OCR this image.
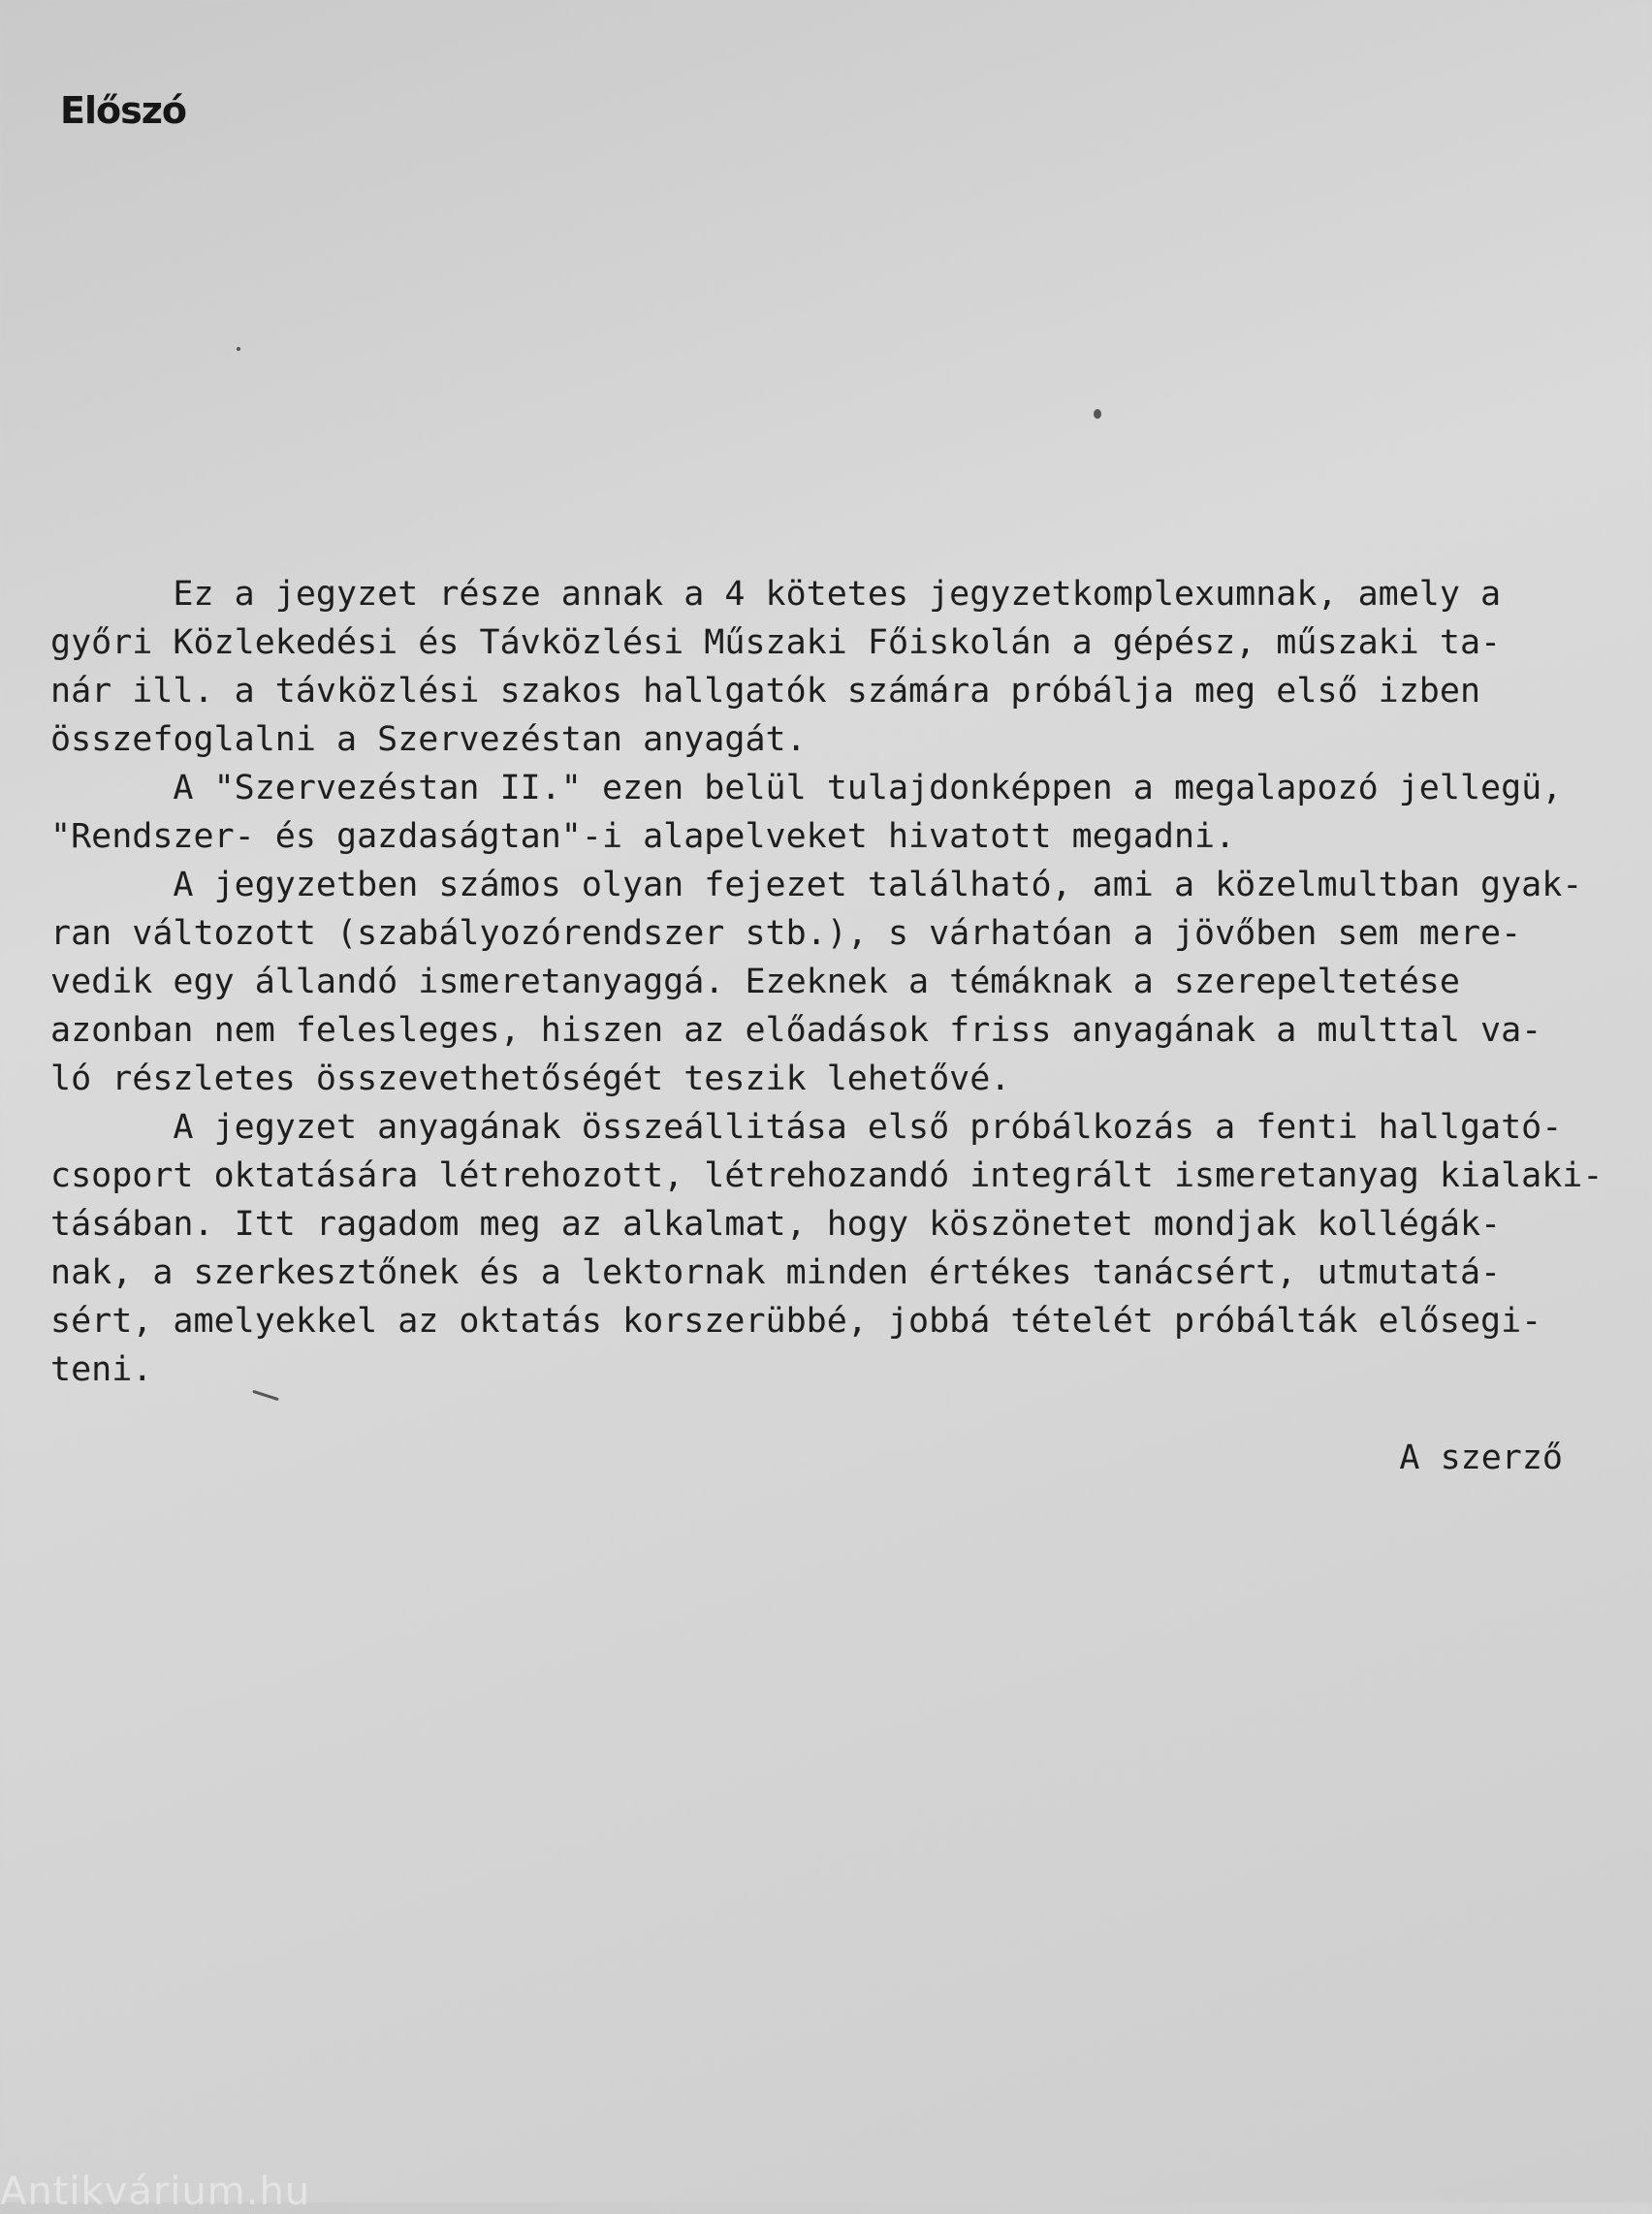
Előszó
Ez a jegyzet része annak a 4 kötetes jegyzetkomplexumnak, amely a
győri Közlekedési és Távközlési Műszaki Főiskolán a gépész, műszaki ta-
nár ill. a távközlési szakos hallgatók számára próbálja meg első izben
összefoglalni a Szervezéstan anyagát.
A "Szervezéstan II." ezen belül tulajdonképpen a megalapozó jellegü,
"Rendszer- és gazdaságtan"-i alapelveket hivatott megadni.
A jegyzetben számos olyan fejezet található, ami a közelmultban gyak-
ran változott (szabályozórendszer stb.), s várhatóan a jövőben sem mere-
vedik egy állandó ismeretanyaggá. Ezeknek a témáknak a szerepeltetése
azonban nem felesleges, hiszen az előadások friss anyagának a multtal va-
ló részletes összevethetőségét teszik lehetővé.
A jegyzet anyagának összeállitása első próbálkozás a fenti hallgató-
csoport oktatására létrehozott, létrehozandó integrált ismeretanyag kialaki-
tásában. Itt ragadom meg az alkalmat, hogy köszönetet mondjak kollégák-
nak, a szerkesztőnek és a lektornak minden értékes tanácsért, utmutatá-
sért, amelyekkel az oktatás korszerübbé, jobbá tételét próbálták elősegi-
teni.
A szerző
Antikvárium.hu
